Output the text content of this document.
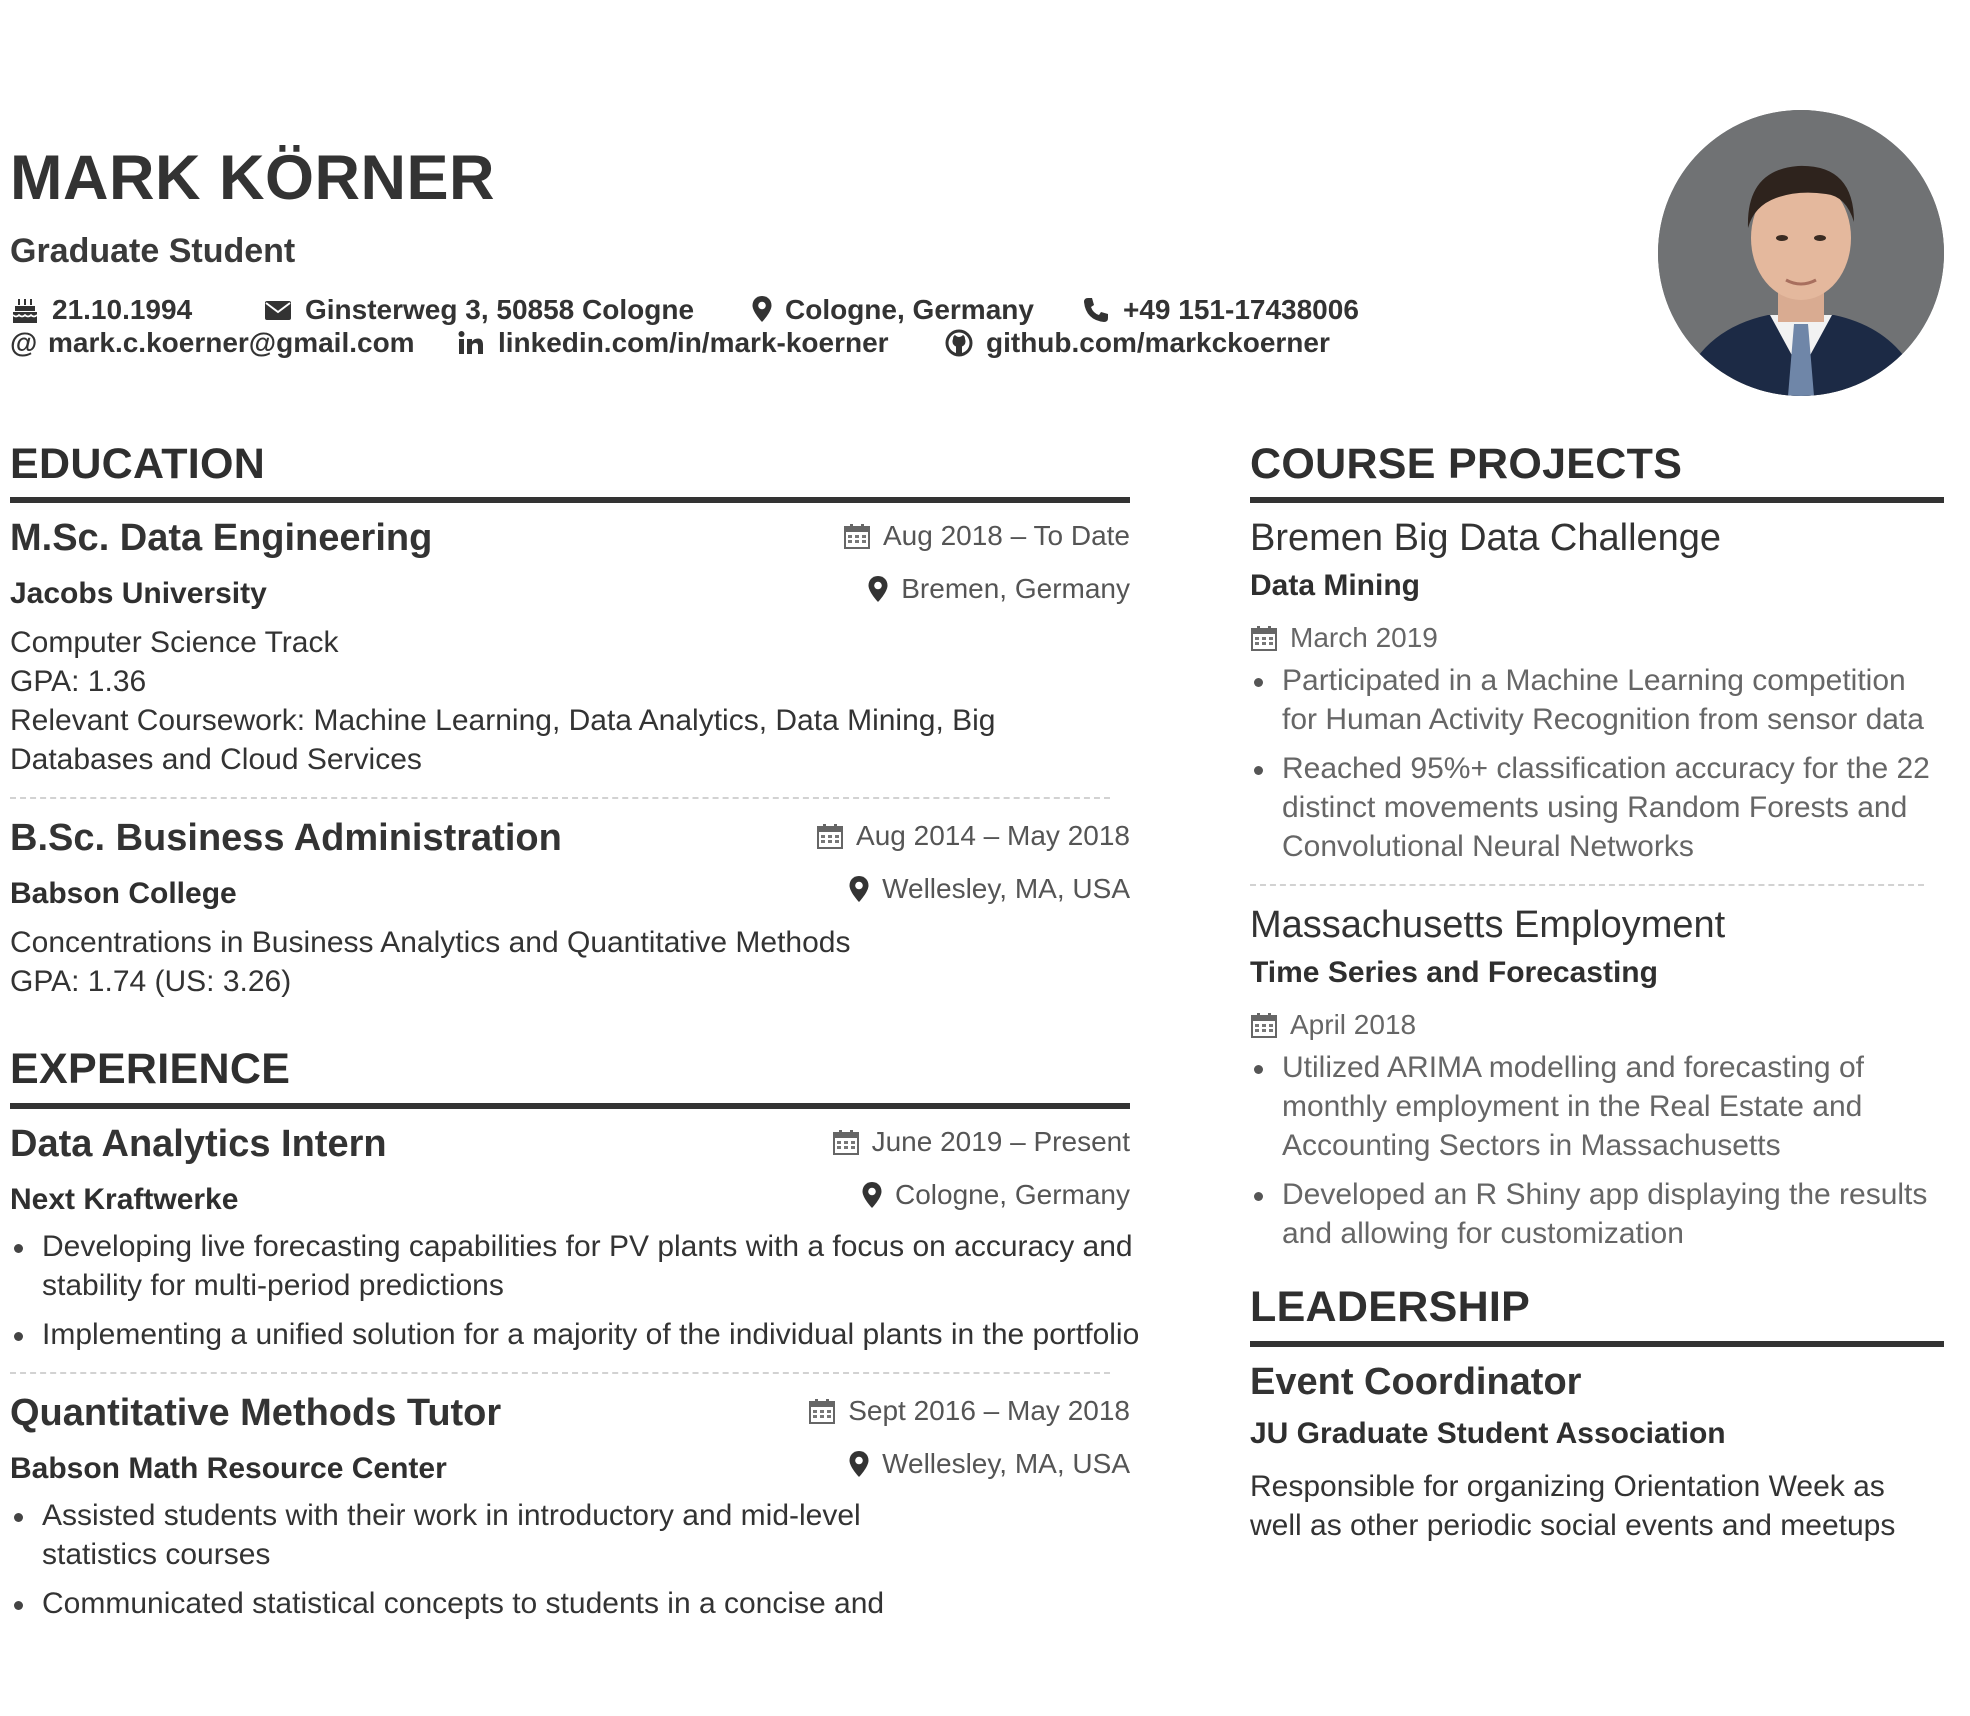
MARK KÖRNER
Graduate Student
21.10.1994	Ginsterweg 3, 50858 Cologne	Cologne, Germany	+49 151-17438006
@ mark.c.koerner@gmail.com	linkedin.com/in/mark-koerner	github.com/markckoerner
EDUCATION
M.Sc. Data Engineering	Aug 2018 – To Date
Jacobs University	Bremen, Germany
Computer Science Track
GPA: 1.36
Relevant Coursework: Machine Learning, Data Analytics, Data Mining, Big Databases and Cloud Services
B.Sc. Business Administration	Aug 2014 – May 2018
Babson College	Wellesley, MA, USA
Concentrations in Business Analytics and Quantitative Methods
GPA: 1.74 (US: 3.26)
EXPERIENCE
Data Analytics Intern	June 2019 – Present
Next Kraftwerke	Cologne, Germany
Developing live forecasting capabilities for PV plants with a focus on accuracy and stability for multi-period predictions
Implementing a unified solution for a majority of the individual plants in the portfolio
Quantitative Methods Tutor	Sept 2016 – May 2018
Babson Math Resource Center	Wellesley, MA, USA
Assisted students with their work in introductory and mid-level statistics courses
Communicated statistical concepts to students in a concise and
COURSE PROJECTS
Bremen Big Data Challenge
Data Mining
March 2019
Participated in a Machine Learning competition for Human Activity Recognition from sensor data
Reached 95%+ classification accuracy for the 22 distinct movements using Random Forests and Convolutional Neural Networks
Massachusetts Employment
Time Series and Forecasting
April 2018
Utilized ARIMA modelling and forecasting of monthly employment in the Real Estate and Accounting Sectors in Massachusetts
Developed an R Shiny app displaying the results and allowing for customization
LEADERSHIP
Event Coordinator
JU Graduate Student Association
Responsible for organizing Orientation Week as well as other periodic social events and meetups
